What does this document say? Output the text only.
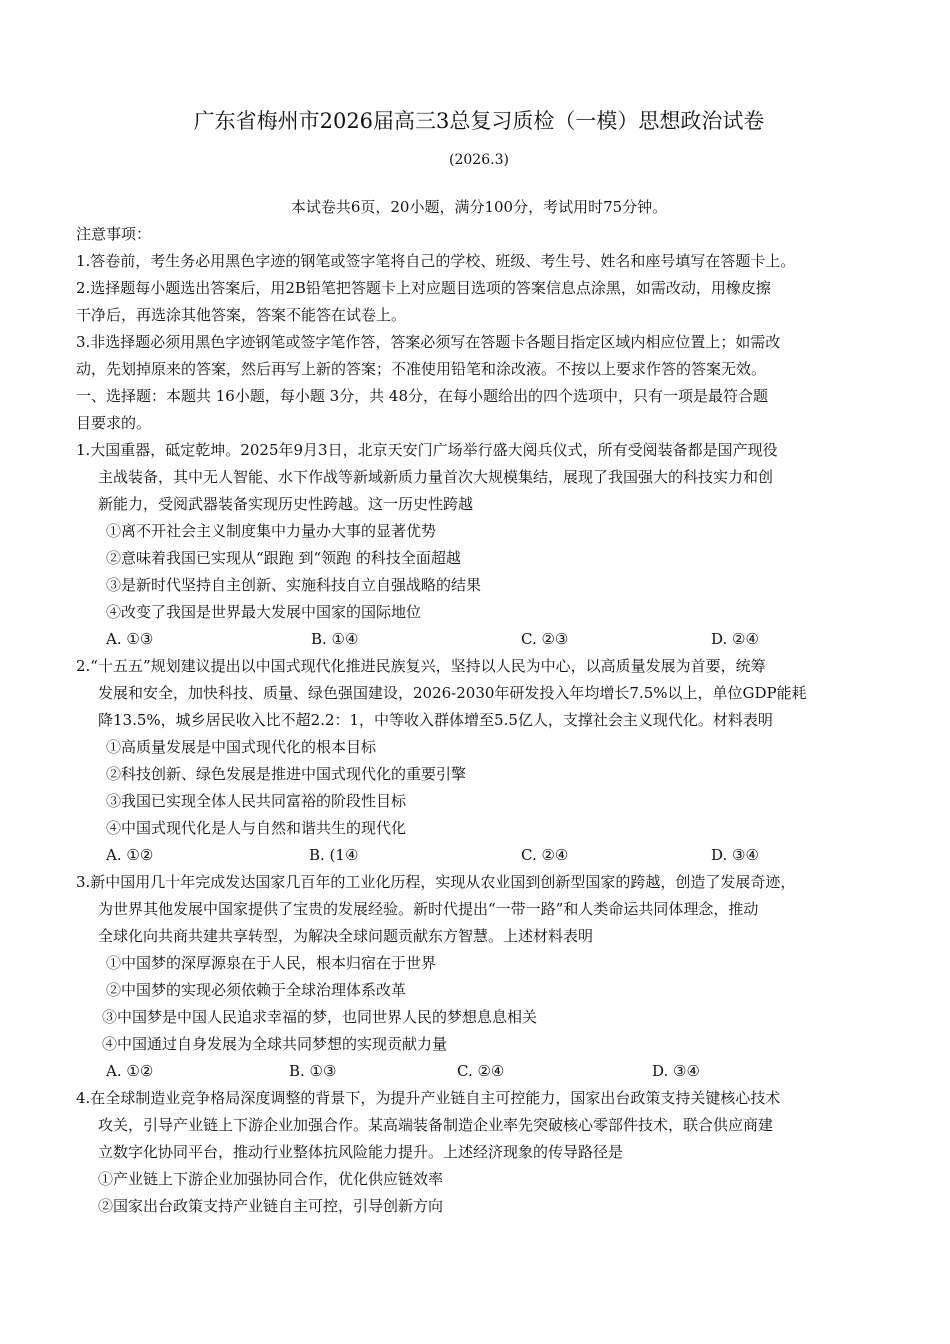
广东省梅州市2026届高三3总复习质检（一模）思想政治试卷
(2026.3)
本试卷共6页，20小题，满分100分，考试用时75分钟。
注意事项：
1.答卷前，考生务必用黑色字迹的钢笔或签字笔将自己的学校、班级、考生号、姓名和座号填写在答题卡上。
2.选择题每小题选出答案后，用2B铅笔把答题卡上对应题目选项的答案信息点涂黑，如需改动，用橡皮擦
干净后，再选涂其他答案，答案不能答在试卷上。
3.非选择题必须用黑色字迹钢笔或签字笔作答，答案必须写在答题卡各题目指定区域内相应位置上；如需改
动，先划掉原来的答案，然后再写上新的答案；不准使用铅笔和涂改液。不按以上要求作答的答案无效。
一、选择题：本题共 16小题，每小题 3分，共 48分，在每小题给出的四个选项中，只有一项是最符合题
目要求的。
1.大国重器，砥定乾坤。2025年9月3日，北京天安门广场举行盛大阅兵仪式，所有受阅装备都是国产现役
主战装备，其中无人智能、水下作战等新域新质力量首次大规模集结，展现了我国强大的科技实力和创
新能力，受阅武器装备实现历史性跨越。这一历史性跨越
①离不开社会主义制度集中力量办大事的显著优势
②意味着我国已实现从“跟跑 到“领跑 的科技全面超越
③是新时代坚持自主创新、实施科技自立自强战略的结果
④改变了我国是世界最大发展中国家的国际地位
A. ①③	B. ①④	C. ②③	D. ②④
2.“十五五”规划建议提出以中国式现代化推进民族复兴，坚持以人民为中心，以高质量发展为首要，统筹
发展和安全，加快科技、质量、绿色强国建设，2026-2030年研发投入年均增长7.5%以上，单位GDP能耗
降13.5%，城乡居民收入比不超2.2：1，中等收入群体增至5.5亿人，支撑社会主义现代化。材料表明
①高质量发展是中国式现代化的根本目标
②科技创新、绿色发展是推进中国式现代化的重要引擎
③我国已实现全体人民共同富裕的阶段性目标
④中国式现代化是人与自然和谐共生的现代化
A. ①②	B. (1④	C. ②④	D. ③④
3.新中国用几十年完成发达国家几百年的工业化历程，实现从农业国到创新型国家的跨越，创造了发展奇迹，
为世界其他发展中国家提供了宝贵的发展经验。新时代提出“一带一路”和人类命运共同体理念，推动
全球化向共商共建共享转型，为解决全球问题贡献东方智慧。上述材料表明
①中国梦的深厚源泉在于人民，根本归宿在于世界
②中国梦的实现必须依赖于全球治理体系改革
③中国梦是中国人民追求幸福的梦，也同世界人民的梦想息息相关
④中国通过自身发展为全球共同梦想的实现贡献力量
A. ①②	B. ①③	C. ②④	D. ③④
4.在全球制造业竞争格局深度调整的背景下，为提升产业链自主可控能力，国家出台政策支持关键核心技术
攻关，引导产业链上下游企业加强合作。某高端装备制造企业率先突破核心零部件技术，联合供应商建
立数字化协同平台，推动行业整体抗风险能力提升。上述经济现象的传导路径是
①产业链上下游企业加强协同合作，优化供应链效率
②国家出台政策支持产业链自主可控，引导创新方向
